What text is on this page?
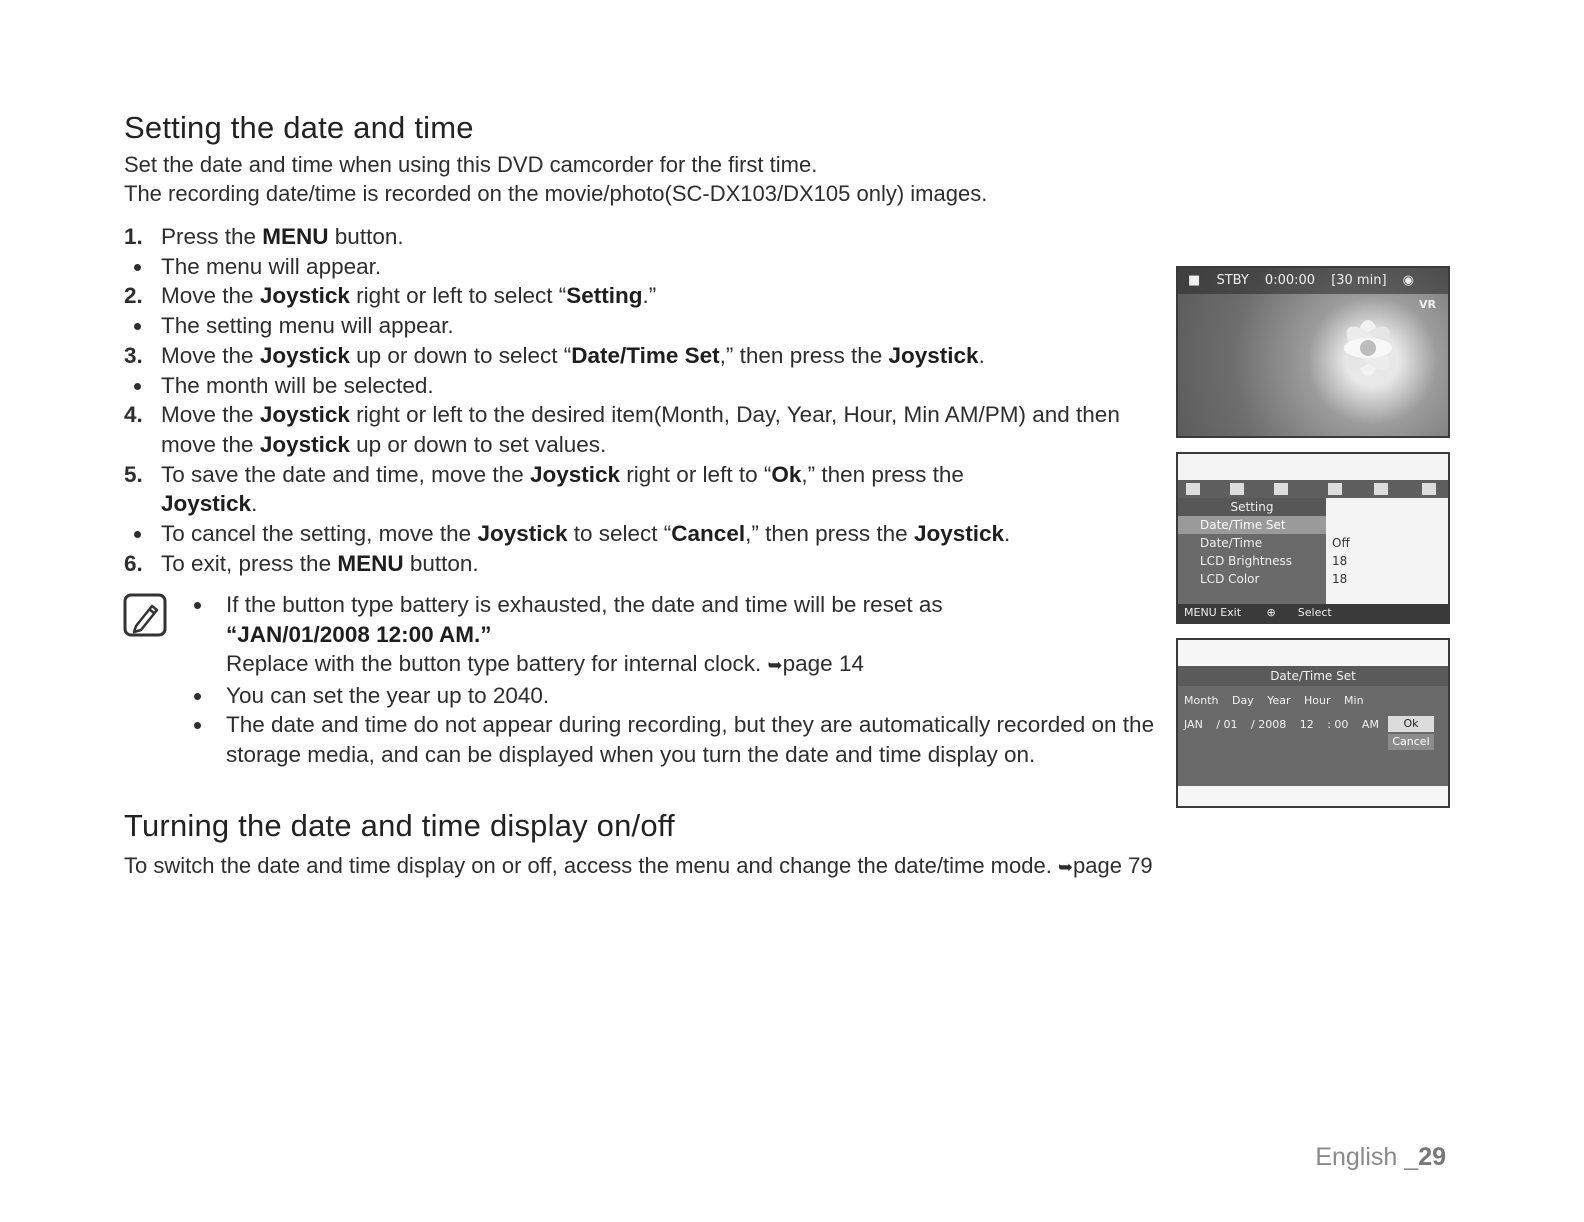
Setting the date and time

Set the date and time when using this DVD camcorder for the first time.

The recording date/time is recorded on the movie/photo(SC-DX103/DX105 only) images.

1. Press the MENU button.
The menu will appear.
2. Move the Joystick right or left to select “Setting.”
The setting menu will appear.
3. Move the Joystick up or down to select “Date/Time Set,” then press the Joystick.
The month will be selected.
4. Move the Joystick right or left to the desired item(Month, Day, Year, Hour, Min AM/PM) and then move the Joystick up or down to set values.
5. To save the date and time, move the Joystick right or left to “Ok,” then press the
Joystick.
To cancel the setting, move the Joystick to select “Cancel,” then press the Joystick.
6. To exit, press the MENU button.
If the button type battery is exhausted, the date and time will be reset as
“JAN/01/2008 12:00 AM.”
Replace with the button type battery for internal clock. ➥page 14
You can set the year up to 2040.
The date and time do not appear during recording, but they are automatically recorded on the storage media, and can be displayed when you turn the date and time display on.
Turning the date and time display on/off

To switch the date and time display on or off, access the menu and change the date/time mode. ➥page 79

■ STBY 0:00:00 [30 min] ◉
VR
Setting
Date/Time Set
Date/Time
LCD Brightness
LCD Color
Off
18
18
MENU Exit ⊕ Select
Date/Time Set
Month Day Year Hour Min
JAN / 01 / 2008 12 : 00 AM	Ok
Cancel
English _29
